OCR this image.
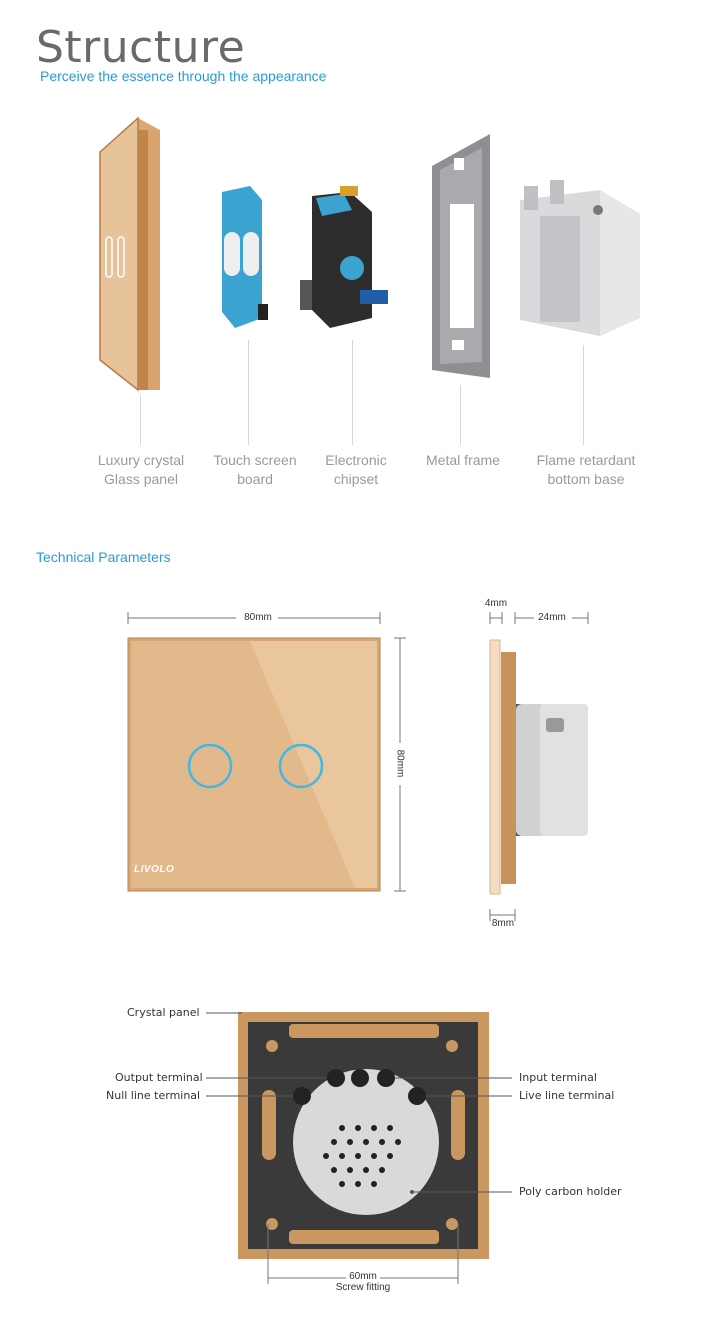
Structure
Perceive the essence through the appearance
Luxury crystal
Glass panel
Touch screen
board
Electronic
chipset
Metal frame	Flame retardant
bottom base
Technical Parameters
80mm
80mm
4mm
24mm
8mm
LIVOLO
Crystal panel
Output terminal
Null line terminal
Input terminal
Live line terminal
Poly carbon holder
60mm
Screw fitting
